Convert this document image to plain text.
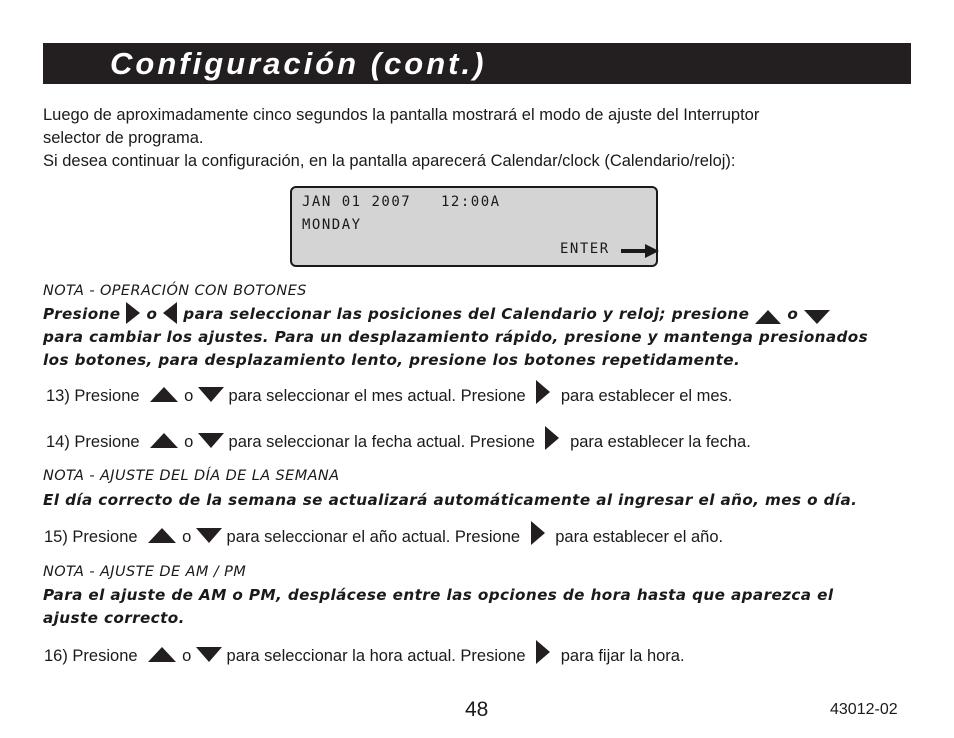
Configuración (cont.)

Luego de aproximadamente cinco segundos la pantalla mostrará el modo de ajuste del Interruptor

selector de programa.

Si desea continuar la configuración, en la pantalla aparecerá Calendar/clock (Calendario/reloj):

JAN 01 2007   12:00A
MONDAY
ENTER
NOTA - OPERACIÓN CON BOTONES
Presione o para seleccionar las posiciones del Calendario y reloj; presione	o
para cambiar los ajustes. Para un desplazamiento rápido, presione y mantenga presionados
los botones, para desplazamiento lento, presione los botones repetidamente.
13) Presione	o para seleccionar el mes actual. Presione para establecer el mes.
14) Presione	o para seleccionar la fecha actual. Presione para establecer la fecha.
NOTA - AJUSTE DEL DÍA DE LA SEMANA
El día correcto de la semana se actualizará automáticamente al ingresar el año, mes o día.
15) Presione	o para seleccionar el año actual. Presione para establecer el año.
NOTA - AJUSTE DE AM / PM
Para el ajuste de AM o PM, desplácese entre las opciones de hora hasta que aparezca el
ajuste correcto.
16) Presione	o para seleccionar la hora actual. Presione para fijar la hora.
48	43012-02
